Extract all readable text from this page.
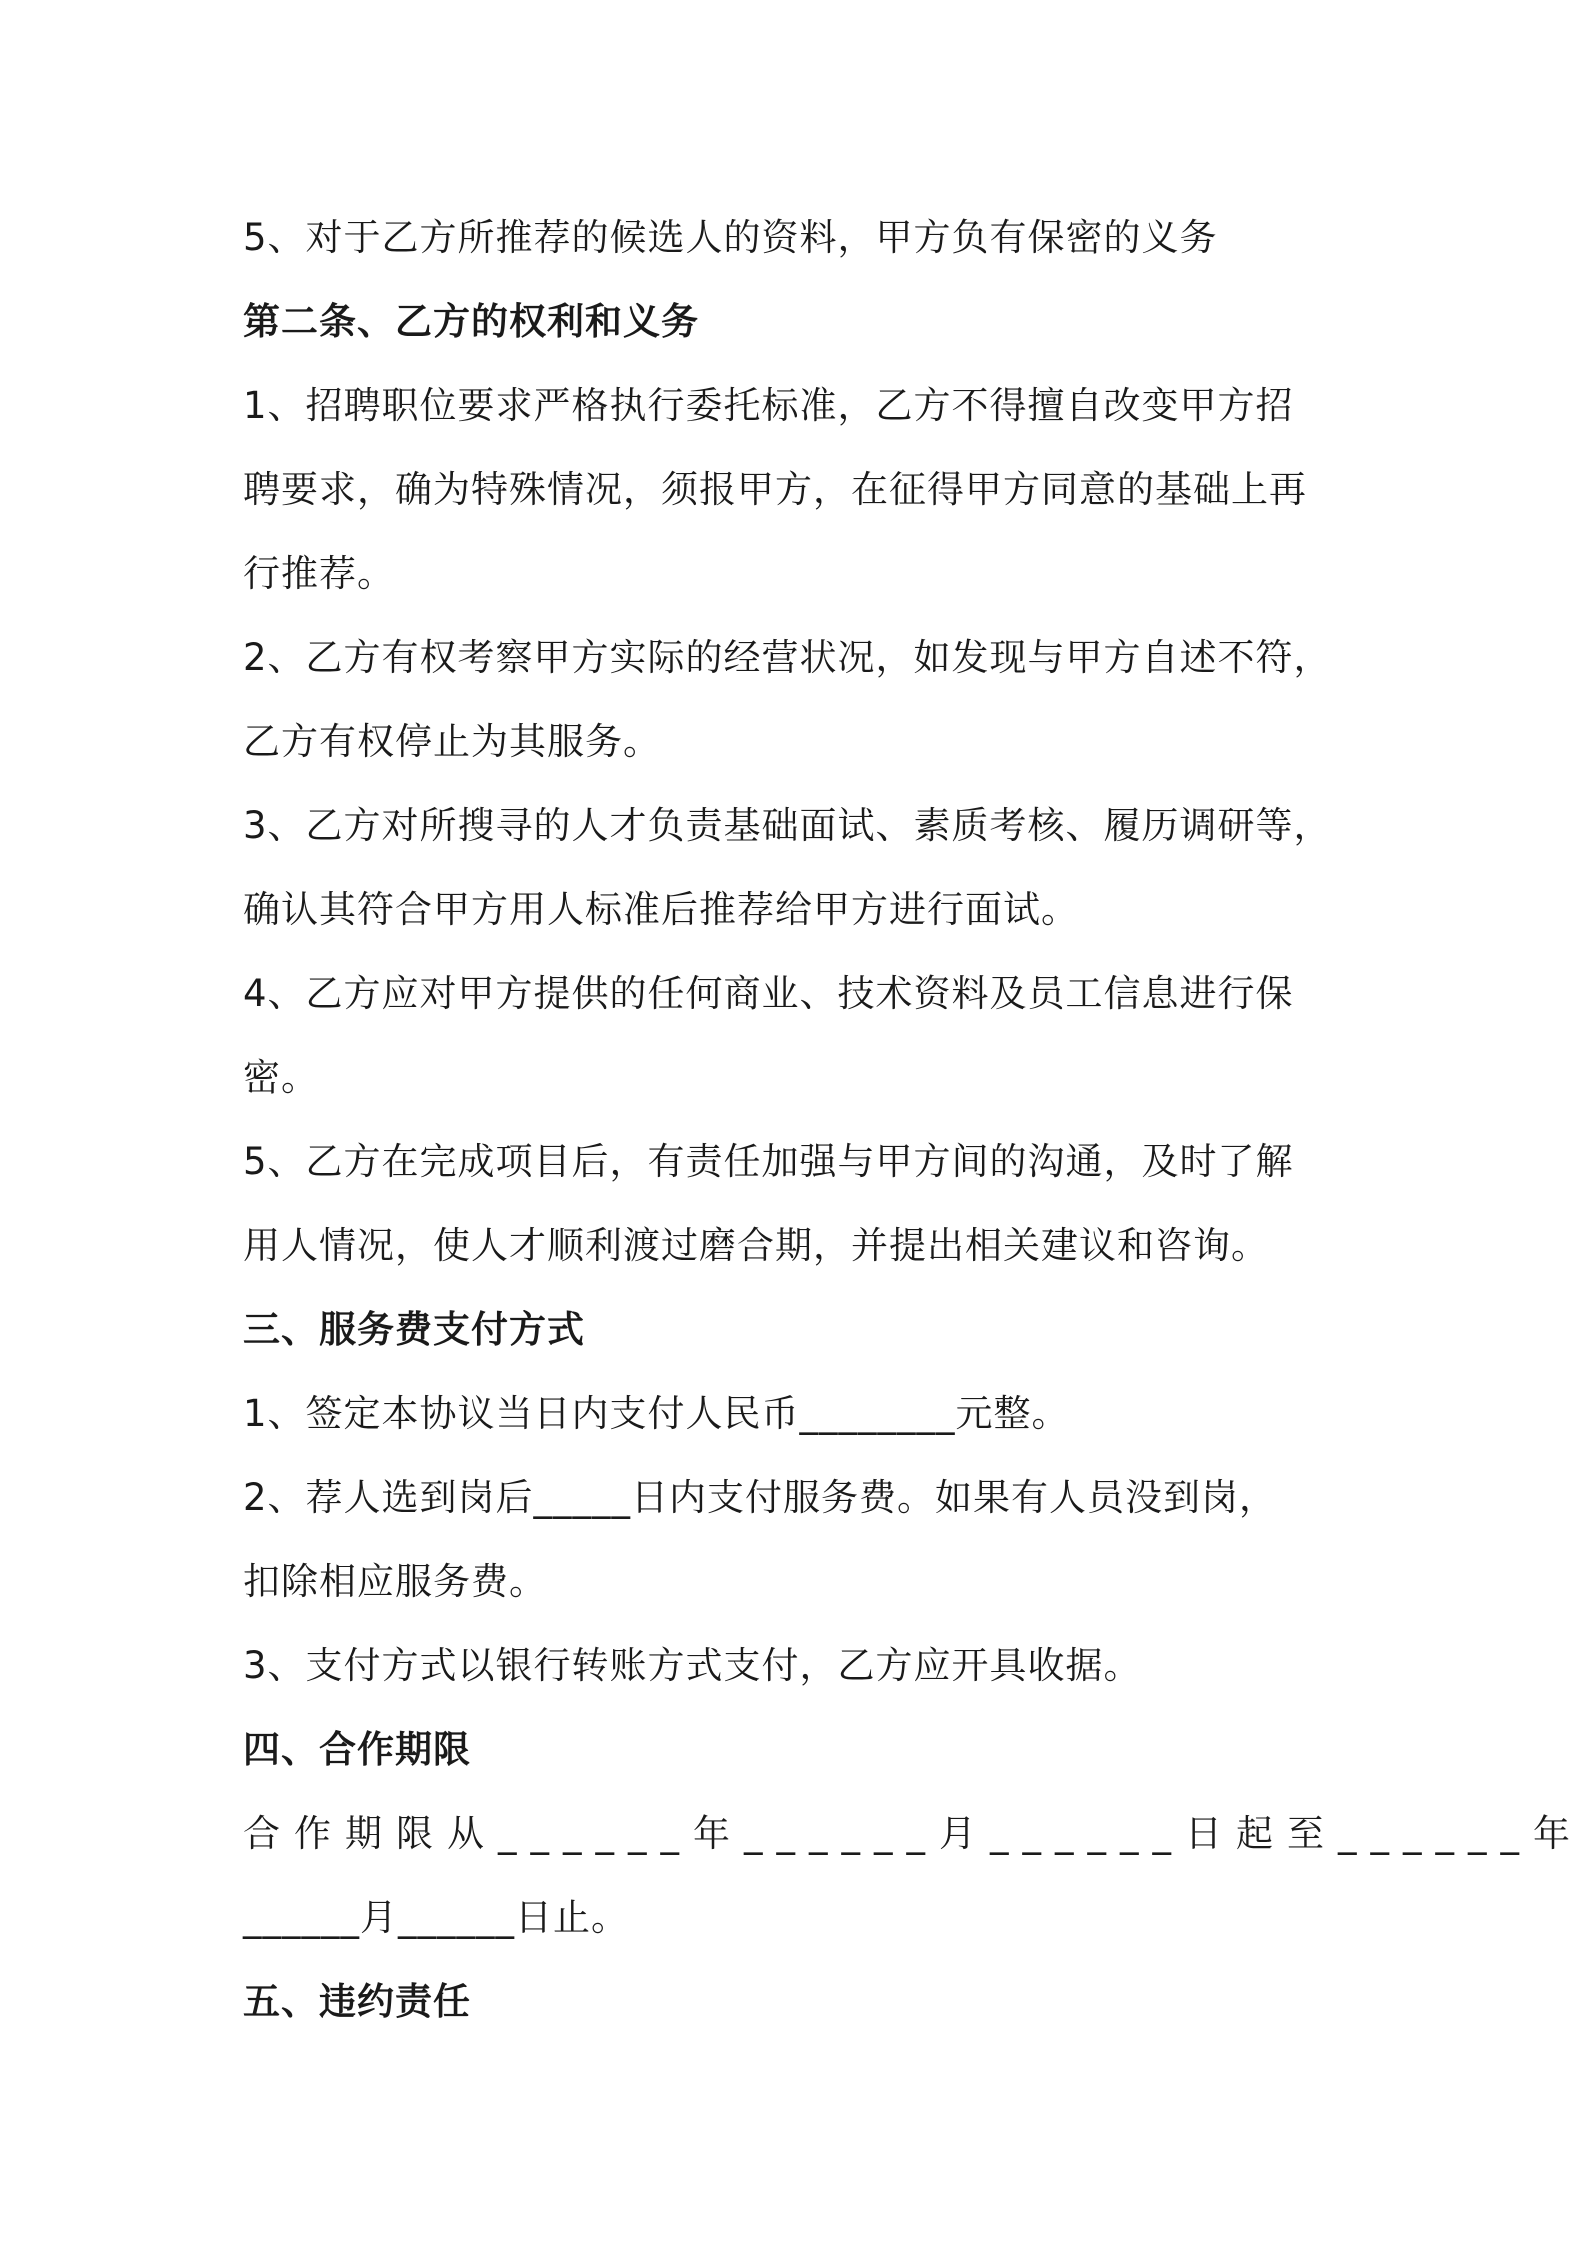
5、对于乙方所推荐的候选人的资料，甲方负有保密的义务
第二条、乙方的权利和义务
1、招聘职位要求严格执行委托标准，乙方不得擅自改变甲方招
聘要求，确为特殊情况，须报甲方，在征得甲方同意的基础上再
行推荐。
2、乙方有权考察甲方实际的经营状况，如发现与甲方自述不符，
乙方有权停止为其服务。
3、乙方对所搜寻的人才负责基础面试、素质考核、履历调研等，
确认其符合甲方用人标准后推荐给甲方进行面试。
4、乙方应对甲方提供的任何商业、技术资料及员工信息进行保
密。
5、乙方在完成项目后，有责任加强与甲方间的沟通，及时了解
用人情况，使人才顺利渡过磨合期，并提出相关建议和咨询。
三、服务费支付方式
1、签定本协议当日内支付人民币________元整。
2、荐人选到岗后_____日内支付服务费。如果有人员没到岗，
扣除相应服务费。
3、支付方式以银行转账方式支付，乙方应开具收据。
四、合作期限
合作期限从______年______月______日起至______年
______月______日止。
五、违约责任
